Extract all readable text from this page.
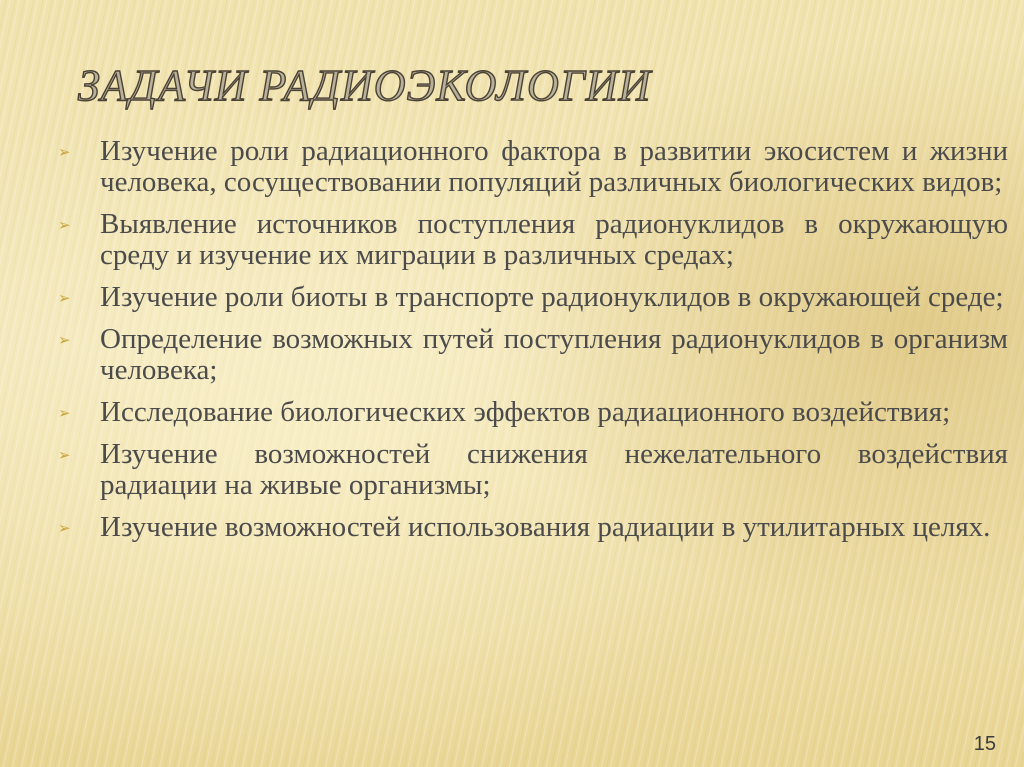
ЗАДАЧИ РАДИОЭКОЛОГИИ
➢ Изучение роли радиационного фактора в развитии экосистем и жизни человека, сосуществовании популяций различных биологических видов;
➢ Выявление источников поступления радионуклидов в окружающую среду и изучение их миграции в различных средах;
➢ Изучение роли биоты в транспорте радионуклидов в окружающей среде;
➢ Определение возможных путей поступления радионуклидов в организм человека;
➢ Исследование биологических эффектов радиационного воздействия;
➢ Изучение возможностей снижения нежелательного воздействия радиации на живые организмы;
➢ Изучение возможностей использования радиации в утилитарных целях.
15
